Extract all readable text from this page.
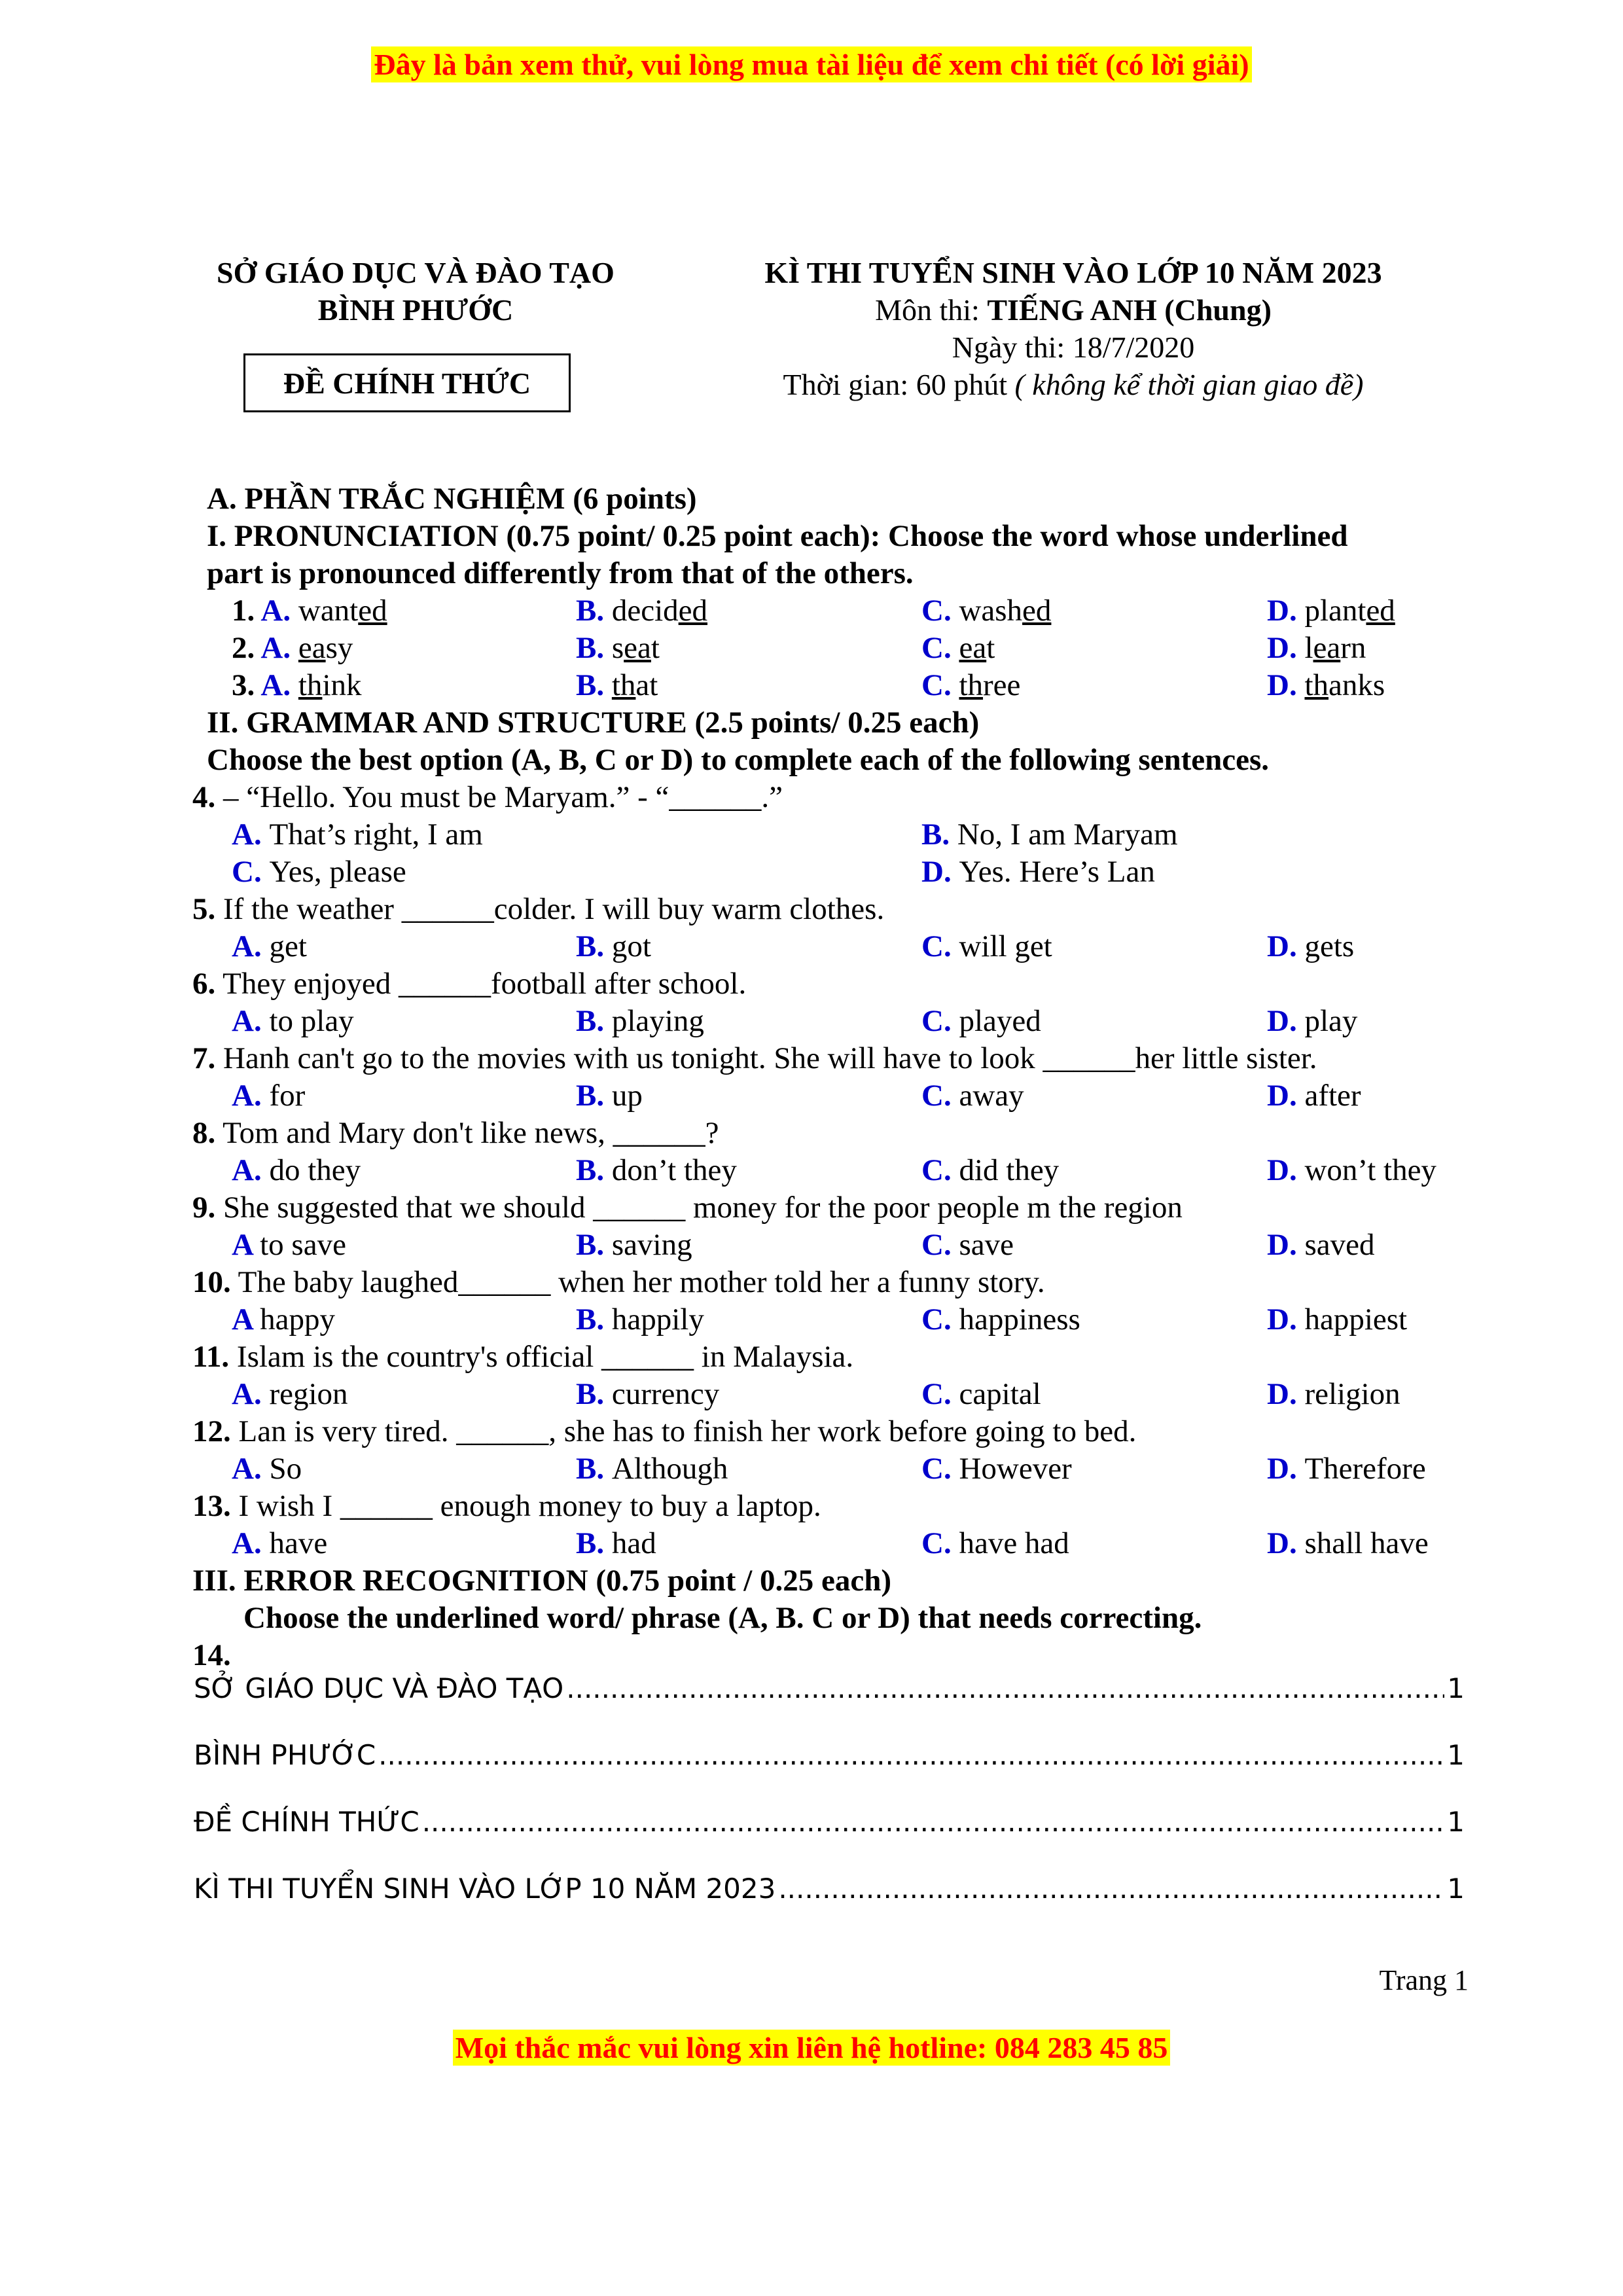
Đây là bản xem thử, vui lòng mua tài liệu để xem chi tiết (có lời giải)
SỞ GIÁO DỤC VÀ ĐÀO TẠO
BÌNH PHƯỚC
ĐỀ CHÍNH THỨC
KÌ THI TUYỂN SINH VÀO LỚP 10 NĂM 2023
Môn thi: TIẾNG ANH (Chung)
Ngày thi: 18/7/2020
Thời gian: 60 phút ( không kể thời gian giao đề)
A. PHẦN TRẮC NGHIỆM (6 points)
I. PRONUNCIATION (0.75 point/ 0.25 point each): Choose the word whose underlined
part is pronounced differently from that of the others.
1. A. wanted	B. decided	C. washed	D. planted
2. A. easy	B. seat	C. eat	D. learn
3. A. think	B. that	C. three	D. thanks
II. GRAMMAR AND STRUCTURE (2.5 points/ 0.25 each)
Choose the best option (A, B, C or D) to complete each of the following sentences.
4. – “Hello. You must be Maryam.” - “______.”
A. That’s right, I am	B. No, I am Maryam
C. Yes, please	D. Yes. Here’s Lan
5. If the weather ______colder. I will buy warm clothes.
A. get	B. got	C. will get	D. gets
6. They enjoyed ______football after school.
A. to play	B. playing	C. played	D. play
7. Hanh can't go to the movies with us tonight. She will have to look ______her little sister.
A. for	B. up	C. away	D. after
8. Tom and Mary don't like news, ______?
A. do they	B. don’t they	C. did they	D. won’t they
9. She suggested that we should ______ money for the poor people m the region
A to save	B. saving	C. save	D. saved
10. The baby laughed______ when her mother told her a funny story.
A happy	B. happily	C. happiness	D. happiest
11. Islam is the country's official ______ in Malaysia.
A. region	B. currency	C. capital	D. religion
12. Lan is very tired. ______, she has to finish her work before going to bed.
A. So	B. Although	C. However	D. Therefore
13. I wish I ______ enough money to buy a laptop.
A. have	B. had	C. have had	D. shall have
III. ERROR RECOGNITION (0.75 point / 0.25 each)
Choose the underlined word/ phrase (A, B. C or D) that needs correcting.
14.
SỞ GIÁO DỤC VÀ ĐÀO TẠO .....	1
BÌNH PHƯỚC .....	1
ĐỀ CHÍNH THỨC .....	1
KÌ THI TUYỂN SINH VÀO LỚP 10 NĂM 2023 .....	1
Trang 1
Mọi thắc mắc vui lòng xin liên hệ hotline: 084 283 45 85
